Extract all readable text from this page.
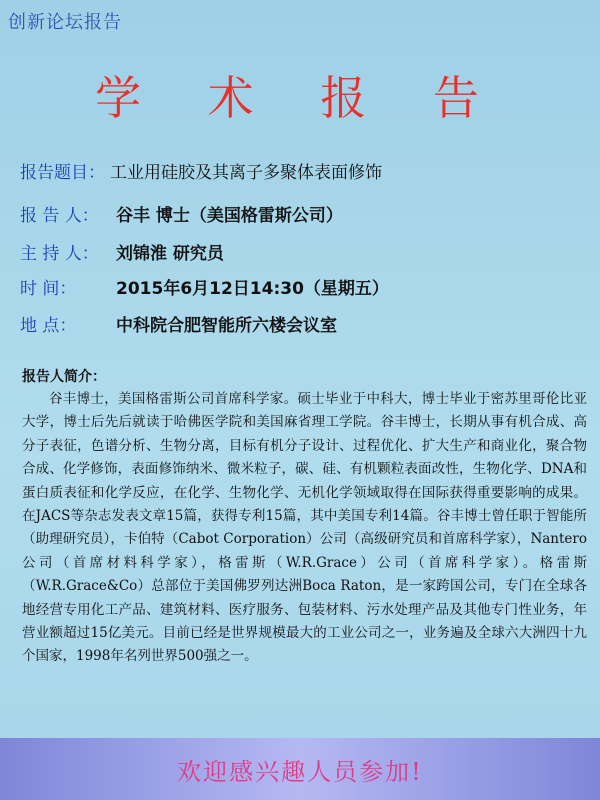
创新论坛报告
学 术 报 告
报告题目： 工业用硅胶及其离子多聚体表面修饰
报 告 人： 谷丰 博士（美国格雷斯公司）
主 持 人： 刘锦淮 研究员
时 间： 2015年6月12日14:30（星期五）
地 点： 中科院合肥智能所六楼会议室
报告人简介：
谷丰博士，美国格雷斯公司首席科学家。硕士毕业于中科大，博士毕业于密苏里哥伦比亚大学，博士后先后就读于哈佛医学院和美国麻省理工学院。谷丰博士，长期从事有机合成、高分子表征，色谱分析、生物分离，目标有机分子设计、过程优化、扩大生产和商业化，聚合物合成、化学修饰，表面修饰纳米、微米粒子，碳、硅、有机颗粒表面改性，生物化学、DNA和蛋白质表征和化学反应，在化学、生物化学、无机化学领域取得在国际获得重要影响的成果。在JACS等杂志发表文章15篇，获得专利15篇，其中美国专利14篇。谷丰博士曾任职于智能所（助理研究员），卡伯特（Cabot Corporation）公司（高级研究员和首席科学家），Nantero公司（首席材料科学家），格雷斯（W.R.Grace）公司（首席科学家）。格雷斯（W.R.Grace&Co）总部位于美国佛罗列达洲Boca Raton，是一家跨国公司，专门在全球各地经营专用化工产品、建筑材料、医疗服务、包装材料、污水处理产品及其他专门性业务，年营业额超过15亿美元。目前已经是世界规模最大的工业公司之一，业务遍及全球六大洲四十九个国家，1998年名列世界500强之一。
欢迎感兴趣人员参加!
